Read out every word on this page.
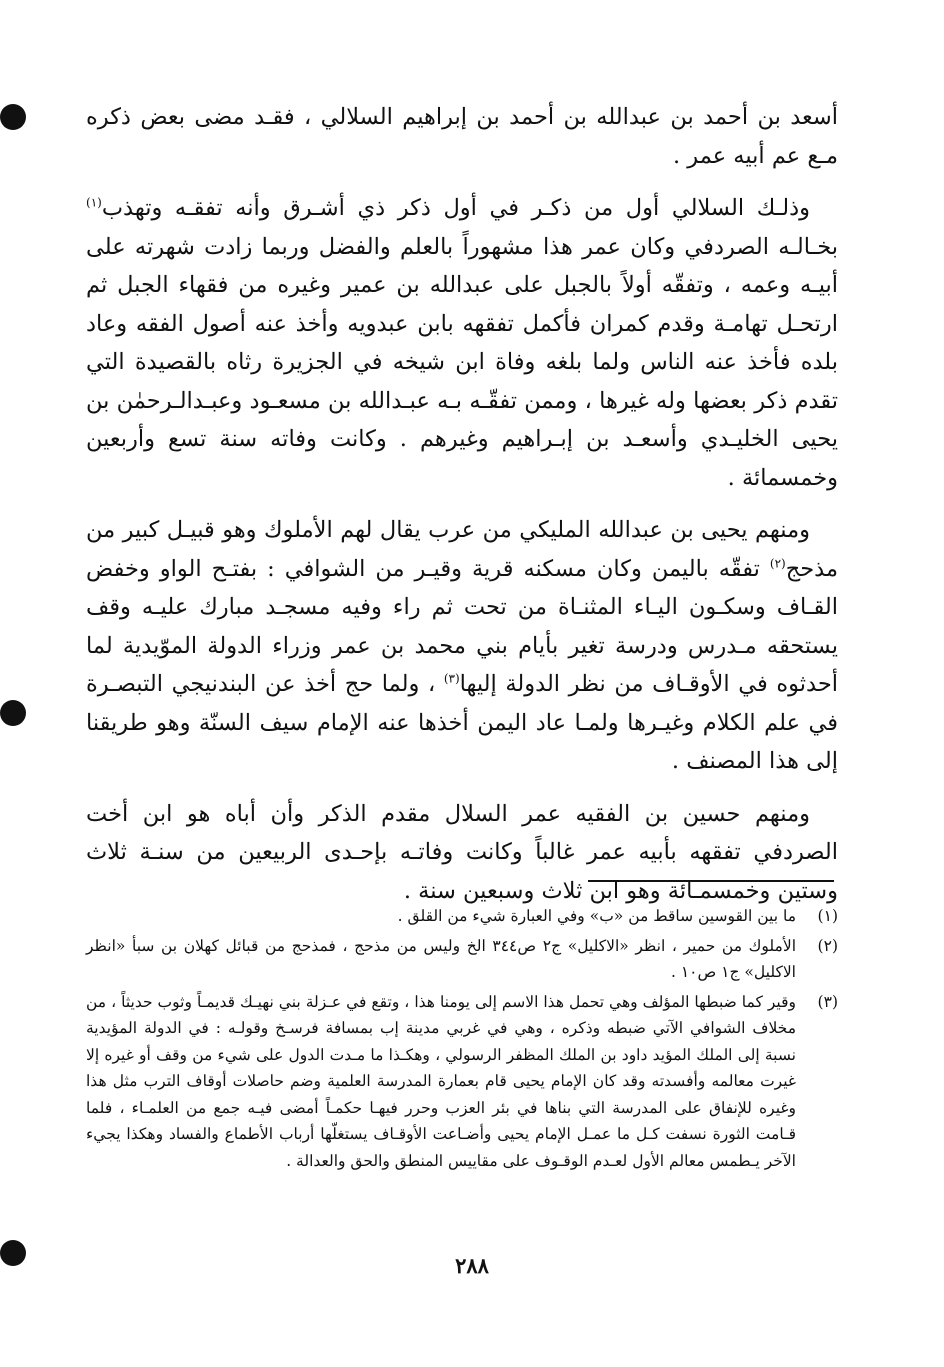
أسعد بن أحمد بن عبدالله بن أحمد بن إبراهيم السلالي ، فقـد مضى بعض ذكره مـع عم أبيه عمر .

وذلـك السلالي أول من ذكـر في أول ذكر ذي أشـرق وأنه تفقـه وتهذب$^{(١)}$ بخـالـه الصردفي وكان عمر هذا مشهوراً بالعلم والفضل وربما زادت شهرته على أبيـه وعمه ، وتفقّه أولاً بالجبل على عبدالله بن عمير وغيره من فقهاء الجبل ثم ارتحـل تهامـة وقدم كمران فأكمل تفقهه بابن عبدويه وأخذ عنه أصول الفقه وعاد بلده فأخذ عنه الناس ولما بلغه وفاة ابن شيخه في الجزيرة رثاه بالقصيدة التي تقدم ذكر بعضها وله غيرها ، وممن تفقّـه بـه عبـدالله بن مسعـود وعبـدالـرحمٰن بن يحيى الخليـدي وأسعـد بن إبـراهيم وغيرهم . وكانت وفاته سنة تسع وأربعين وخمسمائة .

ومنهم يحيى بن عبدالله المليكي من عرب يقال لهم الأملوك وهو قبيـل كبير من مذحج$^{(٢)}$ تفقّه باليمن وكان مسكنه قرية وقيـر من الشوافي : بفتـح الواو وخفض القـاف وسكـون اليـاء المثنـاة من تحت ثم راء وفيه مسجـد مبارك عليـه وقف يستحقه مـدرس ودرسة تغير بأيام بني محمد بن عمر وزراء الدولة الموّيدية لما أحدثوه في الأوقـاف من نظر الدولة إليها$^{(٣)}$ ، ولما حج أخذ عن البندنيجي التبصـرة في علم الكلام وغيـرها ولمـا عاد اليمن أخذها عنه الإمام سيف السنّة وهو طريقنا إلى هذا المصنف .

ومنهم حسين بن الفقيه عمر السلال مقدم الذكر وأن أباه هو ابن أخت الصردفي تفقهه بأبيه عمر غالباً وكانت وفاتـه بإحـدى الربيعين من سنـة ثلاث وستين وخمسمـائة وهو ابن ثلاث وسبعين سنة .

(١)
ما بين القوسين ساقط من «ب» وفي العبارة شيء من القلق .
(٢)
الأملوك من حمير ، انظر «الاكليل» ج٢ ص٣٤٤ الخ وليس من مذحج ، فمذحج من قبائل كهلان بن سبأ «انظر الاكليل» ج١ ص١٠ .
(٣)
وقير كما ضبطها المؤلف وهي تحمل هذا الاسم إلى يومنا هذا ، وتقع في عـزلة بني نهيـك قديمـاً وثوب حديثاً ، من مخلاف الشوافي الآتي ضبطه وذكره ، وهي في غربي مدينة إب بمسافة فرسـخ وقولـه : في الدولة المؤيدية نسبة إلى الملك المؤيد داود بن الملك المظفر الرسولي ، وهكـذا ما مـدت الدول على شيء من وقف أو غيره إلا غيرت معالمه وأفسدته وقد كان الإمام يحيى قام بعمارة المدرسة العلمية وضم حاصلات أوقاف الترب مثل هذا وغيره للإنفاق على المدرسة التي بناها في بئر العزب وحرر فيهـا حكمـاً أمضى فيـه جمع من العلمـاء ، فلما قـامت الثورة نسفت كـل ما عمـل الإمام يحيى وأضـاعت الأوقـاف يستغلّها أرباب الأطماع والفساد وهكذا يجيء الآخر يـطمس معالم الأول لعـدم الوقـوف على مقاييس المنطق والحق والعدالة .
٢٨٨
